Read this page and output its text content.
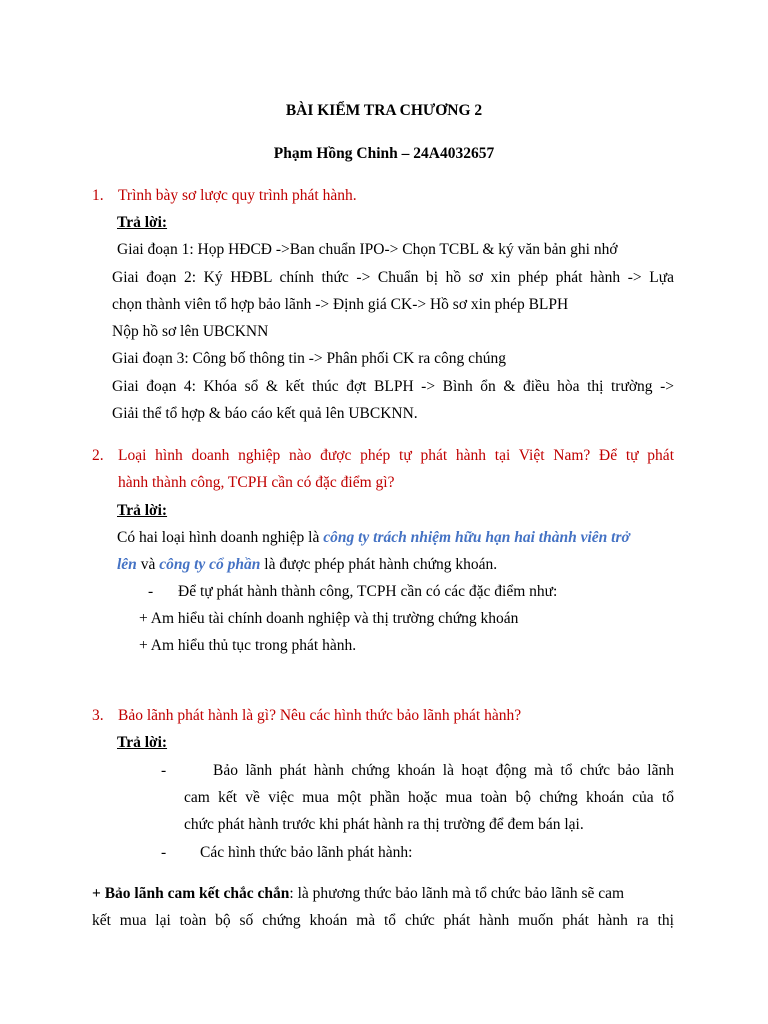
BÀI KIỂM TRA CHƯƠNG 2
Phạm Hồng Chinh – 24A4032657
1. Trình bày sơ lược quy trình phát hành.
Trả lời:
Giai đoạn 1: Họp HĐCĐ ->Ban chuẩn IPO-> Chọn TCBL & ký văn bản ghi nhớ
Giai đoạn 2: Ký HĐBL chính thức -> Chuẩn bị hồ sơ xin phép phát hành -> Lựa
chọn thành viên tổ hợp bảo lãnh -> Định giá CK-> Hồ sơ xin phép BLPH
Nộp hồ sơ lên UBCKNN
Giai đoạn 3: Công bố thông tin -> Phân phối CK ra công chúng
Giai đoạn 4: Khóa sổ & kết thúc đợt BLPH -> Bình ổn & điều hòa thị trường ->
Giải thể tổ hợp & báo cáo kết quả lên UBCKNN.
2. Loại hình doanh nghiệp nào được phép tự phát hành tại Việt Nam? Để tự phát
hành thành công, TCPH cần có đặc điểm gì?
Trả lời:
Có hai loại hình doanh nghiệp là công ty trách nhiệm hữu hạn hai thành viên trở
lên và công ty cổ phần là được phép phát hành chứng khoán.
- Để tự phát hành thành công, TCPH cần có các đặc điểm như:
+ Am hiểu tài chính doanh nghiệp và thị trường chứng khoán
+ Am hiểu thủ tục trong phát hành.
3. Bảo lãnh phát hành là gì? Nêu các hình thức bảo lãnh phát hành?
Trả lời:
-	Bảo lãnh phát hành chứng khoán là hoạt động mà tổ chức bảo lãnh
cam kết về việc mua một phần hoặc mua toàn bộ chứng khoán của tổ
chức phát hành trước khi phát hành ra thị trường để đem bán lại.
- Các hình thức bảo lãnh phát hành:
+ Bảo lãnh cam kết chắc chắn: là phương thức bảo lãnh mà tổ chức bảo lãnh sẽ cam
kết mua lại toàn bộ số chứng khoán mà tổ chức phát hành muốn phát hành ra thị
